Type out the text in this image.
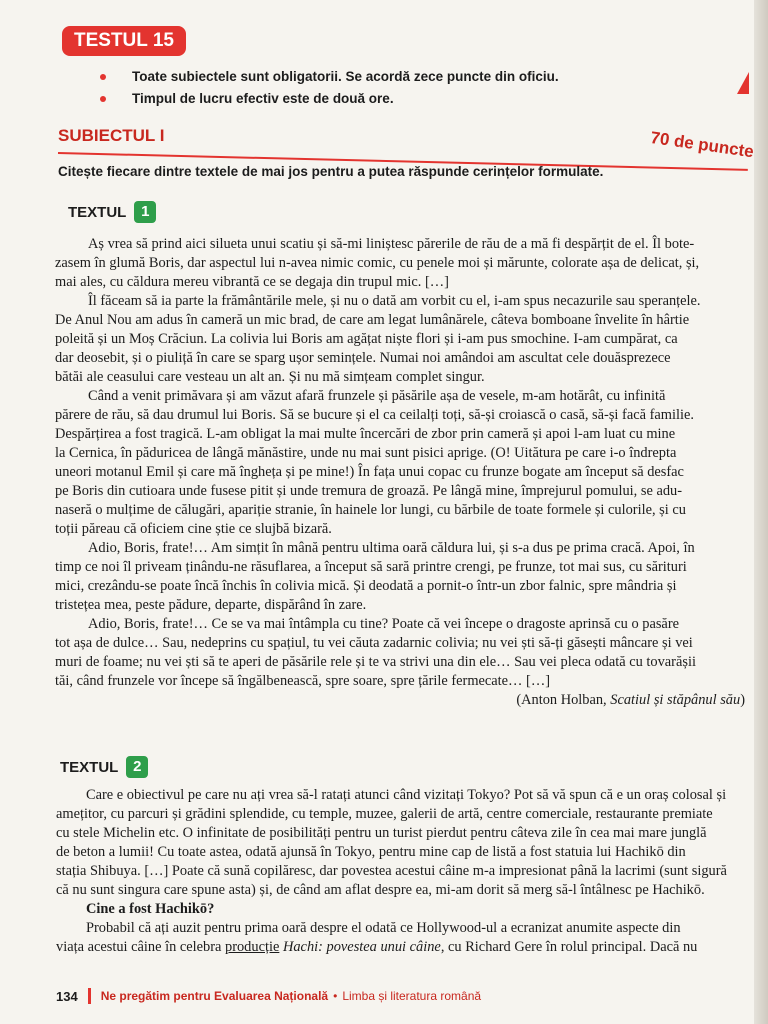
TESTUL 15
Toate subiectele sunt obligatorii. Se acordă zece puncte din oficiu.
Timpul de lucru efectiv este de două ore.
SUBIECTUL I	70 de puncte
Citește fiecare dintre textele de mai jos pentru a putea răspunde cerințelor formulate.
TEXTUL 1
Aș vrea să prind aici silueta unui scatiu și să-mi liniștesc părerile de rău de a mă fi despărțit de el. Îl bote-
zasem în glumă Boris, dar aspectul lui n-avea nimic comic, cu penele moi și mărunte, colorate așa de delicat, și,
mai ales, cu căldura mereu vibrantă ce se degaja din trupul mic. […]
Îl făceam să ia parte la frământările mele, și nu o dată am vorbit cu el, i-am spus necazurile sau speranțele.
De Anul Nou am adus în cameră un mic brad, de care am legat lumânărele, câteva bomboane învelite în hârtie
poleită și un Moș Crăciun. La colivia lui Boris am agățat niște flori și i-am pus smochine. I-am cumpărat, ca
dar deosebit, și o piuliță în care se sparg ușor semințele. Numai noi amândoi am ascultat cele douăsprezece
bătăi ale ceasului care vesteau un alt an. Și nu mă simțeam complet singur.
Când a venit primăvara și am văzut afară frunzele și păsările așa de vesele, m-am hotărât, cu infinită
părere de rău, să dau drumul lui Boris. Să se bucure și el ca ceilalți toți, să-și croiască o casă, să-și facă familie.
Despărțirea a fost tragică. L-am obligat la mai multe încercări de zbor prin cameră și apoi l-am luat cu mine
la Cernica, în păduricea de lângă mănăstire, unde nu mai sunt pisici aprige. (O! Uitătura pe care i-o îndrepta
uneori motanul Emil și care mă îngheța și pe mine!) În fața unui copac cu frunze bogate am început să desfac
pe Boris din cutioara unde fusese pitit și unde tremura de groază. Pe lângă mine, împrejurul pomului, se adu-
naseră o mulțime de călugări, apariție stranie, în hainele lor lungi, cu bărbile de toate formele și culorile, și cu
toții păreau că oficiem cine știe ce slujbă bizară.
Adio, Boris, frate!… Am simțit în mână pentru ultima oară căldura lui, și s-a dus pe prima cracă. Apoi, în
timp ce noi îl priveam ținându-ne răsuflarea, a început să sară printre crengi, pe frunze, tot mai sus, cu sărituri
mici, crezându-se poate încă închis în colivia mică. Și deodată a pornit-o într-un zbor falnic, spre mândria și
tristețea mea, peste pădure, departe, dispărând în zare.
Adio, Boris, frate!… Ce se va mai întâmpla cu tine? Poate că vei începe o dragoste aprinsă cu o pasăre
tot așa de dulce… Sau, nedeprins cu spațiul, tu vei căuta zadarnic colivia; nu vei ști să-ți găsești mâncare și vei
muri de foame; nu vei ști să te aperi de păsările rele și te va strivi una din ele… Sau vei pleca odată cu tovarășii
tăi, când frunzele vor începe să îngălbenească, spre soare, spre țările fermecate… […]
(Anton Holban, Scatiul și stăpânul său)
TEXTUL 2
Care e obiectivul pe care nu ați vrea să-l ratați atunci când vizitați Tokyo? Pot să vă spun că e un oraș colosal și
amețitor, cu parcuri și grădini splendide, cu temple, muzee, galerii de artă, centre comerciale, restaurante premiate
cu stele Michelin etc. O infinitate de posibilități pentru un turist pierdut pentru câteva zile în cea mai mare junglă
de beton a lumii! Cu toate astea, odată ajunsă în Tokyo, pentru mine cap de listă a fost statuia lui Hachikō din
stația Shibuya. […] Poate că sună copilăresc, dar povestea acestui câine m-a impresionat până la lacrimi (sunt sigură
că nu sunt singura care spune asta) și, de când am aflat despre ea, mi-am dorit să merg să-l întâlnesc pe Hachikō.
Cine a fost Hachikō?
Probabil că ați auzit pentru prima oară despre el odată ce Hollywood-ul a ecranizat anumite aspecte din
viața acestui câine în celebra producție Hachi: povestea unui câine, cu Richard Gere în rolul principal. Dacă nu
134 Ne pregătim pentru Evaluarea Națională • Limba și literatura română
